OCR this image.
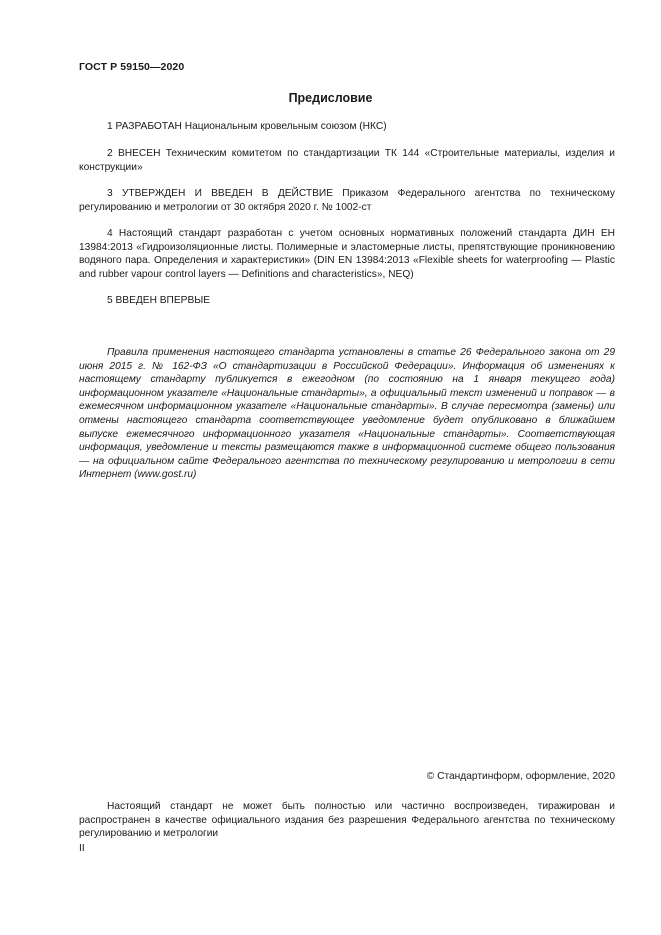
ГОСТ Р 59150—2020
Предисловие
1 РАЗРАБОТАН Национальным кровельным союзом (НКС)
2 ВНЕСЕН Техническим комитетом по стандартизации ТК 144 «Строительные материалы, изделия и конструкции»
3 УТВЕРЖДЕН И ВВЕДЕН В ДЕЙСТВИЕ Приказом Федерального агентства по техническому регулированию и метрологии от 30 октября 2020 г. № 1002-ст
4 Настоящий стандарт разработан с учетом основных нормативных положений стандарта ДИН ЕН 13984:2013 «Гидроизоляционные листы. Полимерные и эластомерные листы, препятствующие проникновению водяного пара. Определения и характеристики» (DIN EN 13984:2013 «Flexible sheets for waterproofing — Plastic and rubber vapour control layers — Definitions and characteristics», NEQ)
5 ВВЕДЕН ВПЕРВЫЕ
Правила применения настоящего стандарта установлены в статье 26 Федерального закона от 29 июня 2015 г. № 162-ФЗ «О стандартизации в Российской Федерации». Информация об изменениях к настоящему стандарту публикуется в ежегодном (по состоянию на 1 января текущего года) информационном указателе «Национальные стандарты», а официальный текст изменений и поправок — в ежемесячном информационном указателе «Национальные стандарты». В случае пересмотра (замены) или отмены настоящего стандарта соответствующее уведомление будет опубликовано в ближайшем выпуске ежемесячного информационного указателя «Национальные стандарты». Соответствующая информация, уведомление и тексты размещаются также в информационной системе общего пользования — на официальном сайте Федерального агентства по техническому регулированию и метрологии в сети Интернет (www.gost.ru)
© Стандартинформ, оформление, 2020
Настоящий стандарт не может быть полностью или частично воспроизведен, тиражирован и распространен в качестве официального издания без разрешения Федерального агентства по техническому регулированию и метрологии
II
